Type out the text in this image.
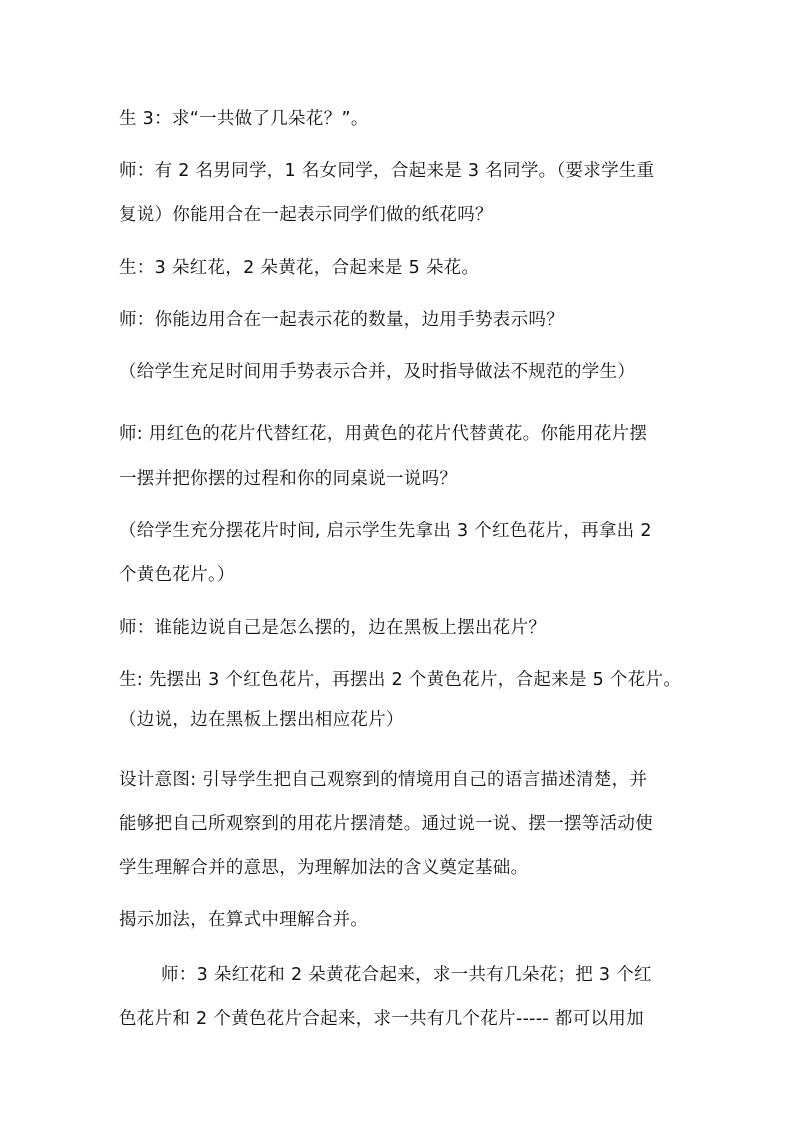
生 3：求“一共做了几朵花？”。
师：有 2 名男同学，1 名女同学，合起来是 3 名同学。（要求学生重
复说）你能用合在一起表示同学们做的纸花吗？
生：3 朵红花，2 朵黄花，合起来是 5 朵花。
师：你能边用合在一起表示花的数量，边用手势表示吗？
（给学生充足时间用手势表示合并，及时指导做法不规范的学生）
师: 用红色的花片代替红花，用黄色的花片代替黄花。你能用花片摆
一摆并把你摆的过程和你的同桌说一说吗？
（给学生充分摆花片时间, 启示学生先拿出 3 个红色花片，再拿出 2
个黄色花片。）
师：谁能边说自己是怎么摆的，边在黑板上摆出花片？
生: 先摆出 3 个红色花片，再摆出 2 个黄色花片，合起来是 5 个花片。
（边说，边在黑板上摆出相应花片）
设计意图: 引导学生把自己观察到的情境用自己的语言描述清楚，并
能够把自己所观察到的用花片摆清楚。通过说一说、摆一摆等活动使
学生理解合并的意思，为理解加法的含义奠定基础。
揭示加法，在算式中理解合并。
师：3 朵红花和 2 朵黄花合起来，求一共有几朵花；把 3 个红
色花片和 2 个黄色花片合起来，求一共有几个花片----- 都可以用加
